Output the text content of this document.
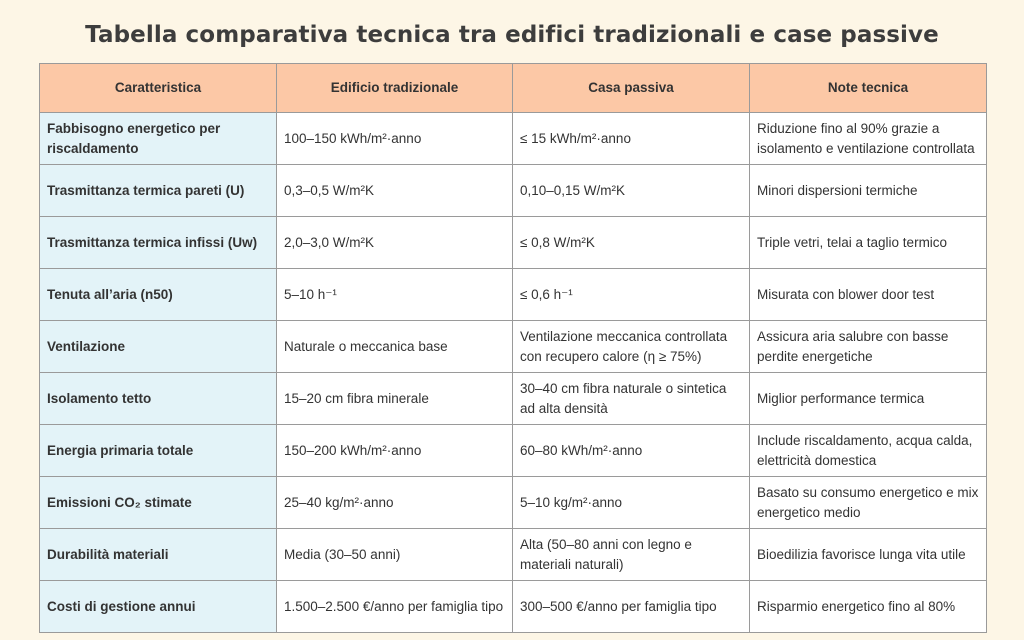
Tabella comparativa tecnica tra edifici tradizionali e case passive
Caratteristica	Edificio tradizionale	Casa passiva	Note tecnica
Fabbisogno energetico per riscaldamento	100–150 kWh/m²·anno	≤ 15 kWh/m²·anno	Riduzione fino al 90% grazie a isolamento e ventilazione controllata
Trasmittanza termica pareti (U)	0,3–0,5 W/m²K	0,10–0,15 W/m²K	Minori dispersioni termiche
Trasmittanza termica infissi (Uw)	2,0–3,0 W/m²K	≤ 0,8 W/m²K	Triple vetri, telai a taglio termico
Tenuta all’aria (n50)	5–10 h⁻¹	≤ 0,6 h⁻¹	Misurata con blower door test
Ventilazione	Naturale o meccanica base	Ventilazione meccanica controllata con recupero calore (η ≥ 75%)	Assicura aria salubre con basse perdite energetiche
Isolamento tetto	15–20 cm fibra minerale	30–40 cm fibra naturale o sintetica ad alta densità	Miglior performance termica
Energia primaria totale	150–200 kWh/m²·anno	60–80 kWh/m²·anno	Include riscaldamento, acqua calda, elettricità domestica
Emissioni CO₂ stimate	25–40 kg/m²·anno	5–10 kg/m²·anno	Basato su consumo energetico e mix energetico medio
Durabilità materiali	Media (30–50 anni)	Alta (50–80 anni con legno e materiali naturali)	Bioedilizia favorisce lunga vita utile
Costi di gestione annui	1.500–2.500 €/anno per famiglia tipo	300–500 €/anno per famiglia tipo	Risparmio energetico fino al 80%
